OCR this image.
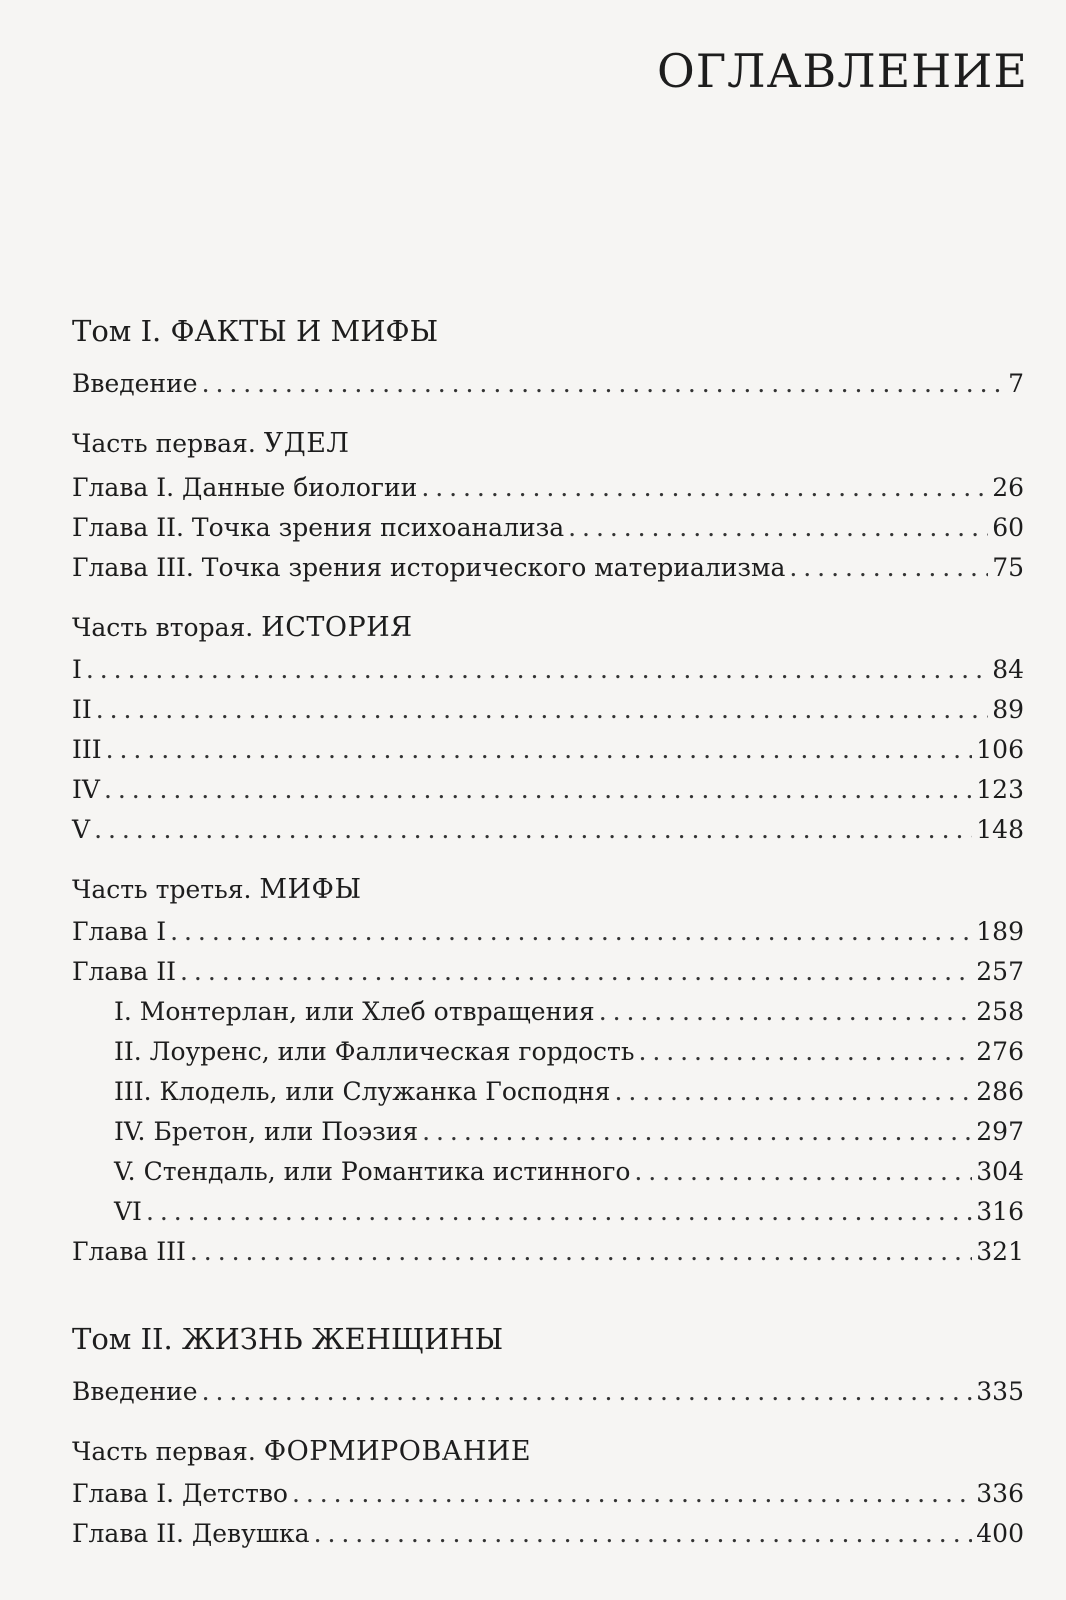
ОГЛАВЛЕНИЕ
Том I. ФАКТЫ И МИФЫ
Введение . . .	7
Часть первая. УДЕЛ
Глава I. Данные биологии . . .	26
Глава II. Точка зрения психоанализа . . .	60
Глава III. Точка зрения исторического материализма . . .	75
Часть вторая. ИСТОРИЯ
I . . .	84
II . . .	89
III . . .	106
IV . . .	123
V . . .	148
Часть третья. МИФЫ
Глава I . . .	189
Глава II . . .	257
I. Монтерлан, или Хлеб отвращения . . .	258
II. Лоуренс, или Фаллическая гордость . . .	276
III. Клодель, или Служанка Господня . . .	286
IV. Бретон, или Поэзия . . .	297
V. Стендаль, или Романтика истинного . . .	304
VI . . .	316
Глава III . . .	321
Том II. ЖИЗНЬ ЖЕНЩИНЫ
Введение . . .	335
Часть первая. ФОРМИРОВАНИЕ
Глава I. Детство . . .	336
Глава II. Девушка . . .	400
